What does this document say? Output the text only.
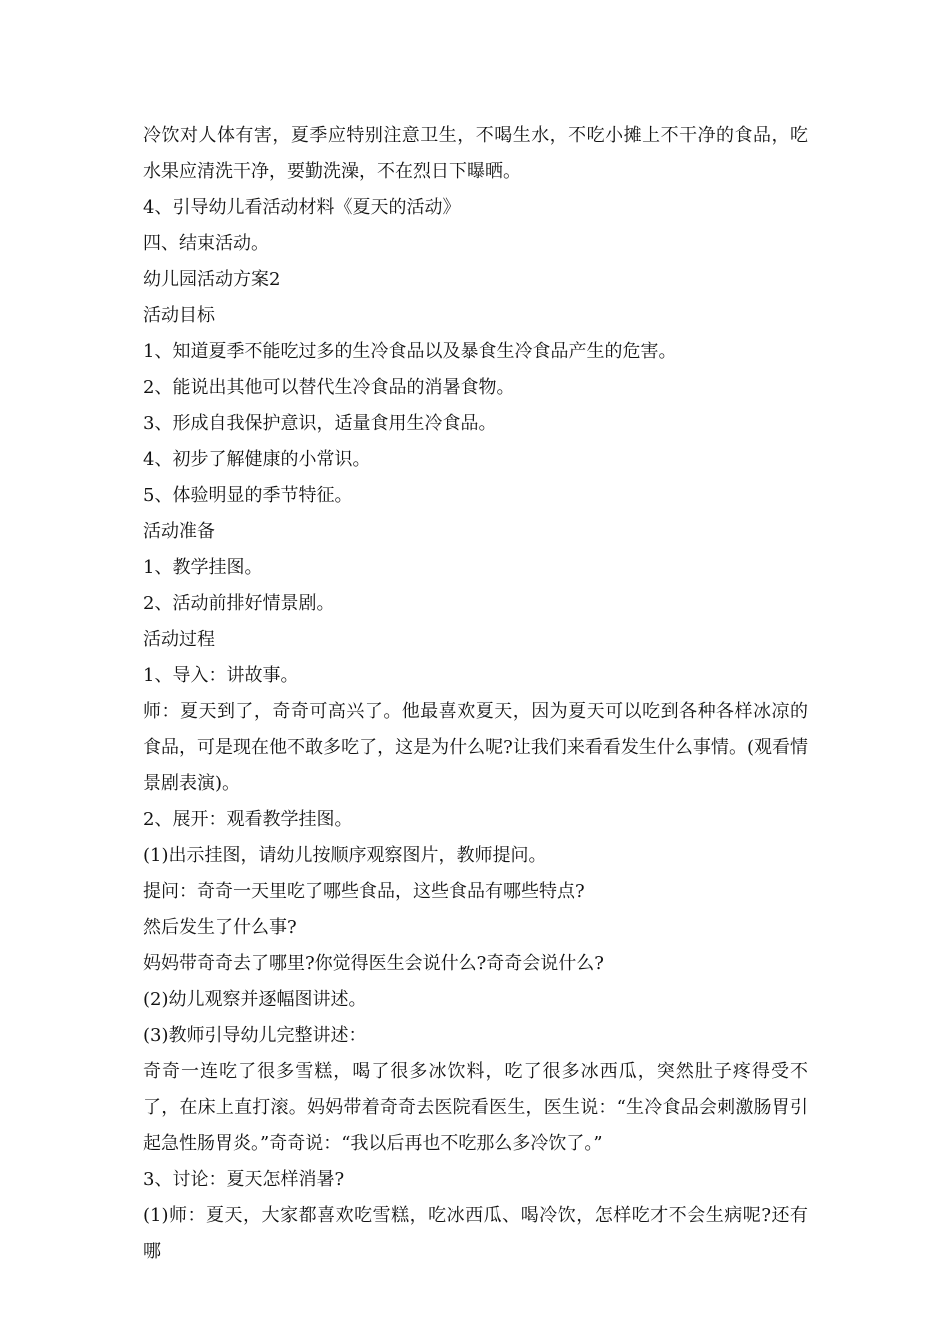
冷饮对人体有害，夏季应特别注意卫生，不喝生水，不吃小摊上不干净的食品，吃水果应清洗干净，要勤洗澡，不在烈日下曝晒。

4、引导幼儿看活动材料《夏天的活动》

四、结束活动。

幼儿园活动方案2

活动目标

1、知道夏季不能吃过多的生冷食品以及暴食生冷食品产生的危害。

2、能说出其他可以替代生冷食品的消暑食物。

3、形成自我保护意识，适量食用生冷食品。

4、初步了解健康的小常识。

5、体验明显的季节特征。

活动准备

1、教学挂图。

2、活动前排好情景剧。

活动过程

1、导入：讲故事。

师：夏天到了，奇奇可高兴了。他最喜欢夏天，因为夏天可以吃到各种各样冰凉的食品，可是现在他不敢多吃了，这是为什么呢?让我们来看看发生什么事情。(观看情景剧表演)。

2、展开：观看教学挂图。

(1)出示挂图，请幼儿按顺序观察图片，教师提问。

提问：奇奇一天里吃了哪些食品，这些食品有哪些特点?

然后发生了什么事?

妈妈带奇奇去了哪里?你觉得医生会说什么?奇奇会说什么?

(2)幼儿观察并逐幅图讲述。

(3)教师引导幼儿完整讲述：

奇奇一连吃了很多雪糕，喝了很多冰饮料，吃了很多冰西瓜，突然肚子疼得受不了，在床上直打滚。妈妈带着奇奇去医院看医生，医生说：“生冷食品会刺激肠胃引起急性肠胃炎。”奇奇说：“我以后再也不吃那么多冷饮了。”

3、讨论：夏天怎样消暑?

(1)师：夏天，大家都喜欢吃雪糕，吃冰西瓜、喝冷饮，怎样吃才不会生病呢?还有哪
